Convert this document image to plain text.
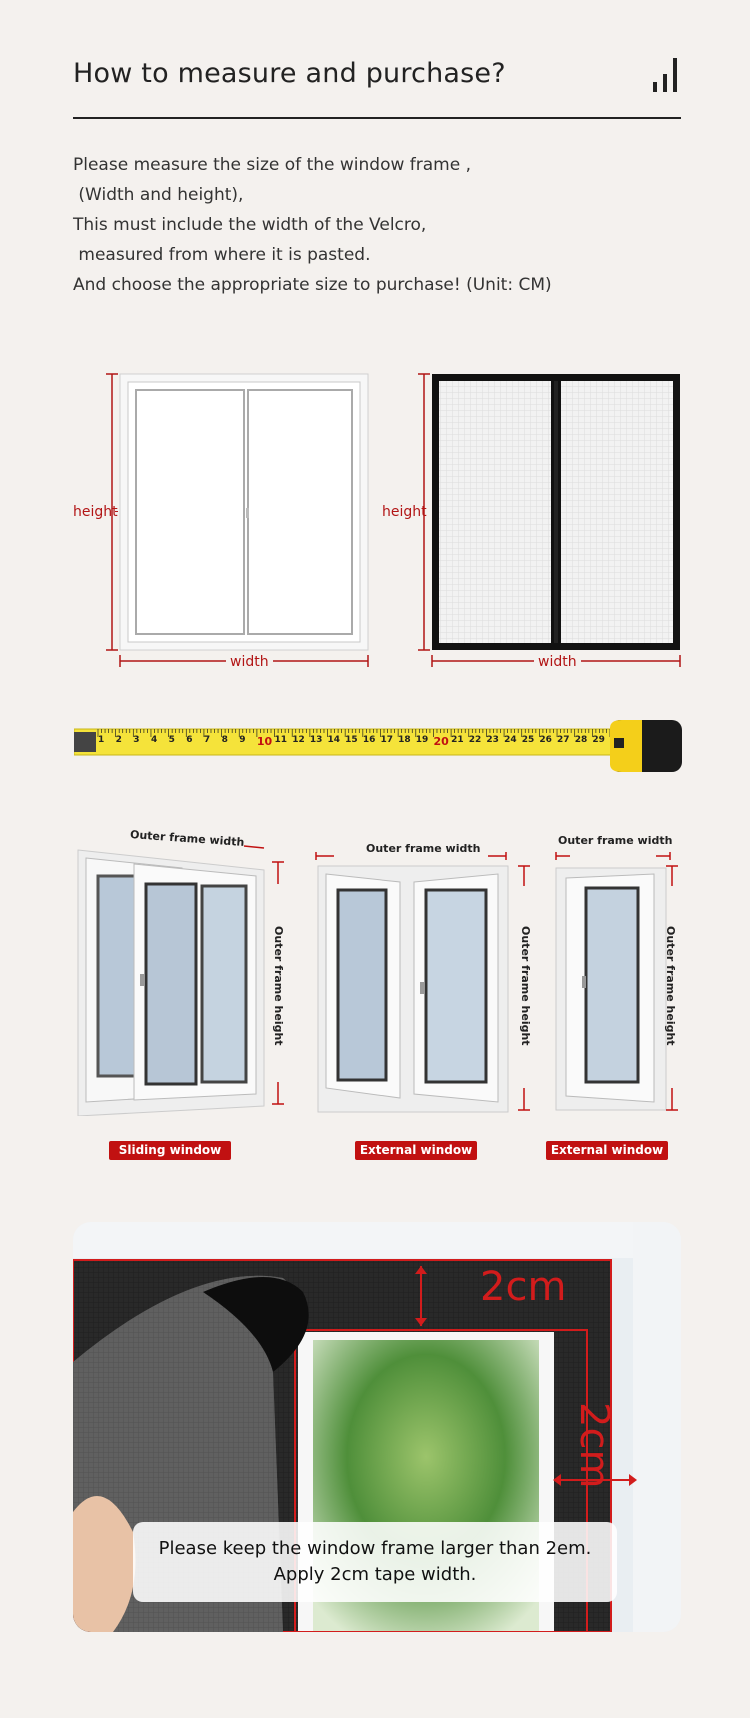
How to measure and purchase?
Please measure the size of the window frame ,
(Width and height),
This must include the width of the Velcro,
measured from where it is pasted.
And choose the appropriate size to purchase! (Unit: CM)
height
width
height
width
1 2 3 4 5 6 7 8 9 10 11 12 13 14 15 16 17 18 19 20 21 22 23 24 25 26 27 28 29
Outer frame width
Outer frame height
Sliding window
Outer frame width
Outer frame height
External window
Outer frame width
Outer frame height
External window
2cm
2cm
Please keep the window frame larger than 2em.
Apply 2cm tape width.
